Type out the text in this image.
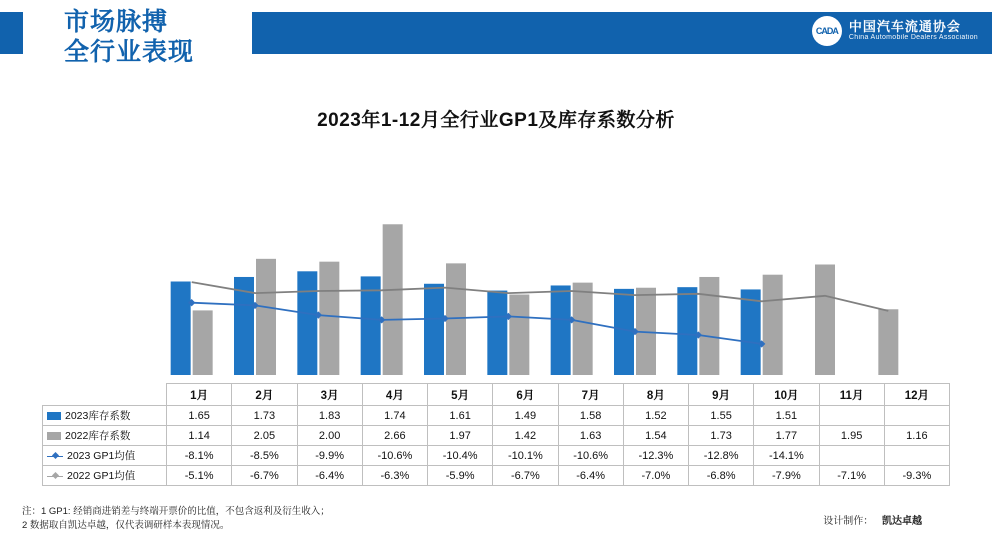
市场脉搏
全行业表现
CADA 中国汽车流通协会
China Automobile Dealers Association
2023年1-12月全行业GP1及库存系数分析
	1月	2月	3月	4月	5月	6月	7月	8月	9月	10月	11月	12月
2023库存系数	1.65	1.73	1.83	1.74	1.61	1.49	1.58	1.52	1.55	1.51		
2022库存系数	1.14	2.05	2.00	2.66	1.97	1.42	1.63	1.54	1.73	1.77	1.95	1.16
2023 GP1均值	-8.1%	-8.5%	-9.9%	-10.6%	-10.4%	-10.1%	-10.6%	-12.3%	-12.8%	-14.1%		
2022 GP1均值	-5.1%	-6.7%	-6.4%	-6.3%	-5.9%	-6.7%	-6.4%	-7.0%	-6.8%	-7.9%	-7.1%	-9.3%
注：1 GP1: 经销商进销差与终端开票价的比值，不包含返利及衍生收入；
2 数据取自凯达卓越，仅代表调研样本表现情况。	设计制作： 凯达卓越
